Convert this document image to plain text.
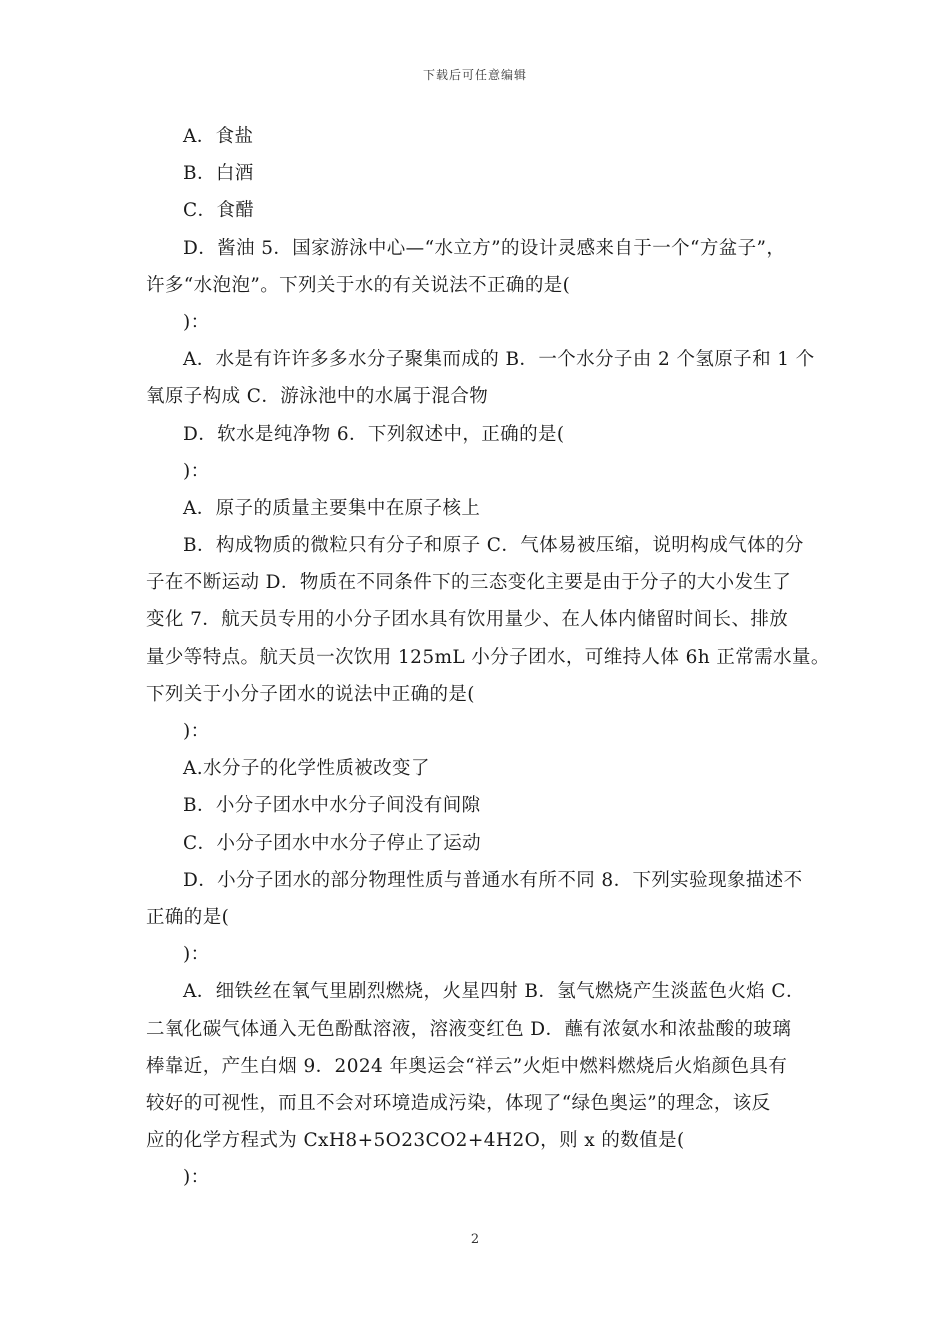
下载后可任意编辑
A．食盐
B．白酒
C．食醋
D．酱油 5．国家游泳中心—“水立方”的设计灵感来自于一个“方盆子”，
许多“水泡泡”。下列关于水的有关说法不正确的是(
)：
A．水是有许许多多水分子聚集而成的 B．一个水分子由 2 个氢原子和 1 个
氧原子构成 C．游泳池中的水属于混合物
D．软水是纯净物 6．下列叙述中，正确的是(
)：
A．原子的质量主要集中在原子核上
B．构成物质的微粒只有分子和原子 C．气体易被压缩，说明构成气体的分
子在不断运动 D．物质在不同条件下的三态变化主要是由于分子的大小发生了
变化 7．航天员专用的小分子团水具有饮用量少、在人体内储留时间长、排放
量少等特点。航天员一次饮用 125mL 小分子团水，可维持人体 6h 正常需水量。
下列关于小分子团水的说法中正确的是(
)：
A.水分子的化学性质被改变了
B．小分子团水中水分子间没有间隙
C．小分子团水中水分子停止了运动
D．小分子团水的部分物理性质与普通水有所不同 8．下列实验现象描述不
正确的是(
)：
A．细铁丝在氧气里剧烈燃烧，火星四射 B．氢气燃烧产生淡蓝色火焰 C．
二氧化碳气体通入无色酚酞溶液，溶液变红色 D．蘸有浓氨水和浓盐酸的玻璃
棒靠近，产生白烟 9．2024 年奥运会“祥云”火炬中燃料燃烧后火焰颜色具有
较好的可视性，而且不会对环境造成污染，体现了“绿色奥运”的理念，该反
应的化学方程式为 CxH8+5O23CO2+4H2O，则 x 的数值是(
)：
2
